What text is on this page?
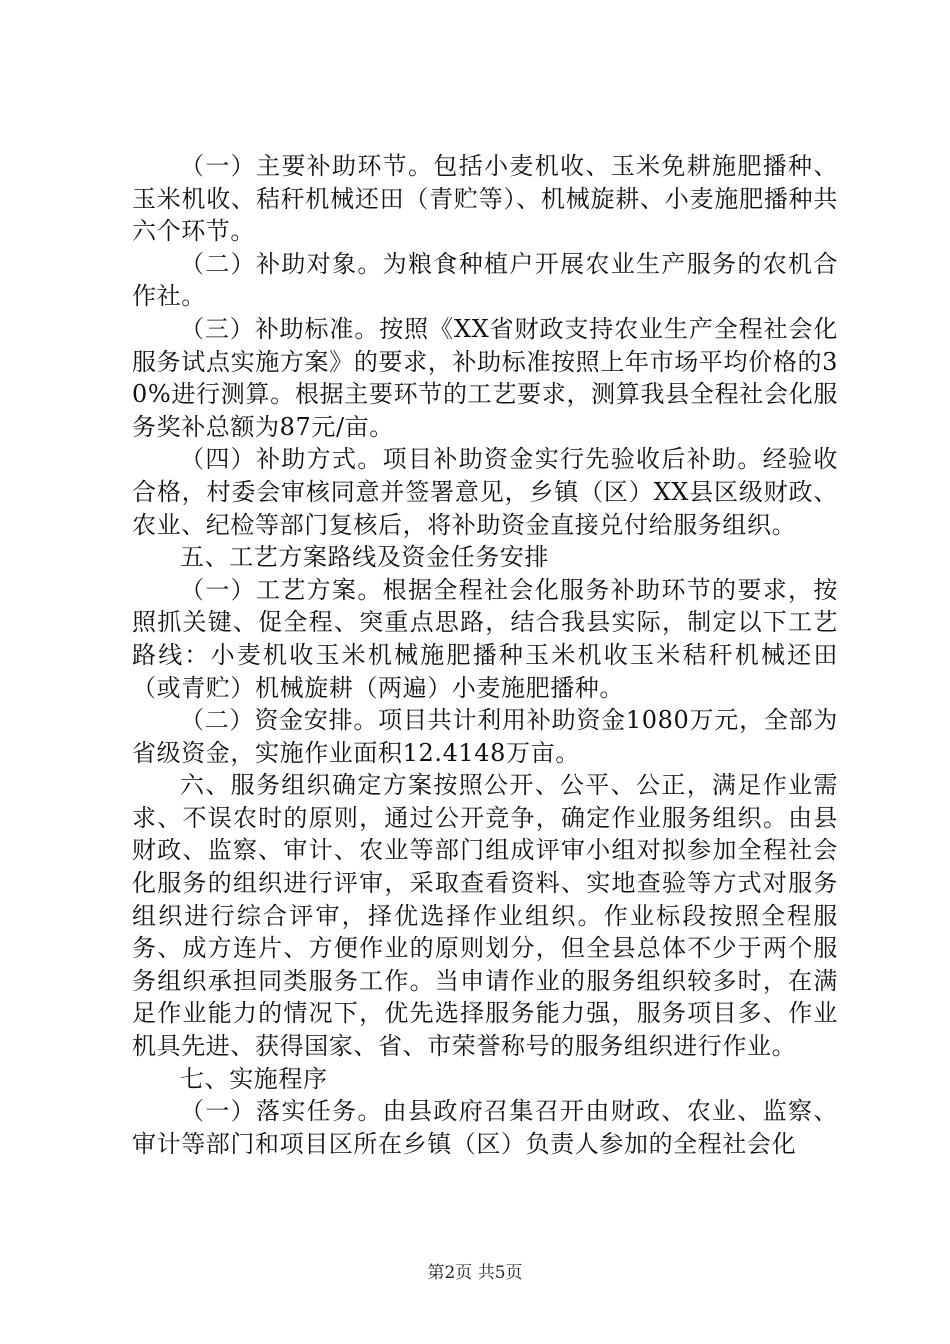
（一）主要补助环节。包括小麦机收、玉米免耕施肥播种、玉米机收、秸秆机械还田（青贮等）、机械旋耕、小麦施肥播种共六个环节。

（二）补助对象。为粮食种植户开展农业生产服务的农机合作社。

（三）补助标准。按照《XX省财政支持农业生产全程社会化服务试点实施方案》的要求，补助标准按照上年市场平均价格的30%进行测算。根据主要环节的工艺要求，测算我县全程社会化服务奖补总额为87元/亩。

（四）补助方式。项目补助资金实行先验收后补助。经验收合格，村委会审核同意并签署意见，乡镇（区）XX县区级财政、农业、纪检等部门复核后，将补助资金直接兑付给服务组织。

五、工艺方案路线及资金任务安排

（一）工艺方案。根据全程社会化服务补助环节的要求，按照抓关键、促全程、突重点思路，结合我县实际，制定以下工艺路线：小麦机收玉米机械施肥播种玉米机收玉米秸秆机械还田（或青贮）机械旋耕（两遍）小麦施肥播种。

（二）资金安排。项目共计利用补助资金1080万元，全部为省级资金，实施作业面积12.4148万亩。

六、服务组织确定方案按照公开、公平、公正，满足作业需求、不误农时的原则，通过公开竞争，确定作业服务组织。由县财政、监察、审计、农业等部门组成评审小组对拟参加全程社会化服务的组织进行评审，采取查看资料、实地查验等方式对服务组织进行综合评审，择优选择作业组织。作业标段按照全程服务、成方连片、方便作业的原则划分，但全县总体不少于两个服务组织承担同类服务工作。当申请作业的服务组织较多时，在满足作业能力的情况下，优先选择服务能力强，服务项目多、作业机具先进、获得国家、省、市荣誉称号的服务组织进行作业。

七、实施程序

（一）落实任务。由县政府召集召开由财政、农业、监察、审计等部门和项目区所在乡镇（区）负责人参加的全程社会化

第2页 共5页
